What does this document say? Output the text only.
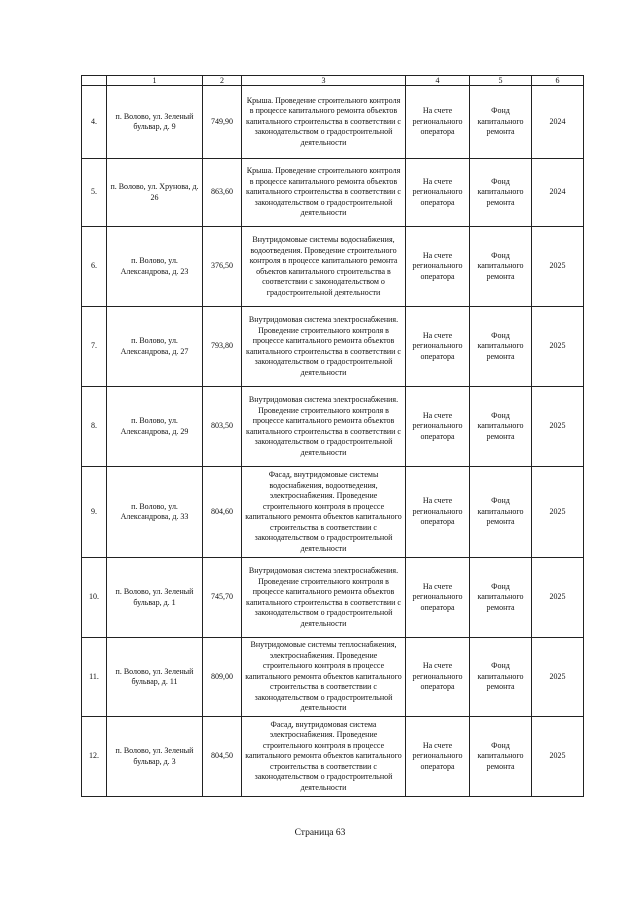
	1	2	3	4	5	6
4.	п. Волово, ул. Зеленый бульвар, д. 9	749,90	Крыша. Проведение строительного контроля в процессе капитального ремонта объектов капитального строительства в соответствии с законодательством о градостроительной деятельности	На счете регионального оператора	Фонд капитального ремонта	2024
5.	п. Волово, ул. Хрунова, д. 26	863,60	Крыша. Проведение строительного контроля в процессе капитального ремонта объектов капитального строительства в соответствии с законодательством о градостроительной деятельности	На счете регионального оператора	Фонд капитального ремонта	2024
6.	п. Волово, ул. Александрова, д. 23	376,50	Внутридомовые системы водоснабжения, водоотведения. Проведение строительного контроля в процессе капитального ремонта объектов капитального строительства в соответствии с законодательством о градостроительной деятельности	На счете регионального оператора	Фонд капитального ремонта	2025
7.	п. Волово, ул. Александрова, д. 27	793,80	Внутридомовая система электроснабжения. Проведение строительного контроля в процессе капитального ремонта объектов капитального строительства в соответствии с законодательством о градостроительной деятельности	На счете регионального оператора	Фонд капитального ремонта	2025
8.	п. Волово, ул. Александрова, д. 29	803,50	Внутридомовая система электроснабжения. Проведение строительного контроля в процессе капитального ремонта объектов капитального строительства в соответствии с законодательством о градостроительной деятельности	На счете регионального оператора	Фонд капитального ремонта	2025
9.	п. Волово, ул. Александрова, д. 33	804,60	Фасад, внутридомовые системы водоснабжения, водоотведения, электроснабжения. Проведение строительного контроля в процессе капитального ремонта объектов капитального строительства в соответствии с законодательством о градостроительной деятельности	На счете регионального оператора	Фонд капитального ремонта	2025
10.	п. Волово, ул. Зеленый бульвар, д. 1	745,70	Внутридомовая система электроснабжения. Проведение строительного контроля в процессе капитального ремонта объектов капитального строительства в соответствии с законодательством о градостроительной деятельности	На счете регионального оператора	Фонд капитального ремонта	2025
11.	п. Волово, ул. Зеленый бульвар, д. 11	809,00	Внутридомовые системы теплоснабжения, электроснабжения. Проведение строительного контроля в процессе капитального ремонта объектов капитального строительства в соответствии с законодательством о градостроительной деятельности	На счете регионального оператора	Фонд капитального ремонта	2025
12.	п. Волово, ул. Зеленый бульвар, д. 3	804,50	Фасад, внутридомовая система электроснабжения. Проведение строительного контроля в процессе капитального ремонта объектов капитального строительства в соответствии с законодательством о градостроительной деятельности	На счете регионального оператора	Фонд капитального ремонта	2025
Страница 63
